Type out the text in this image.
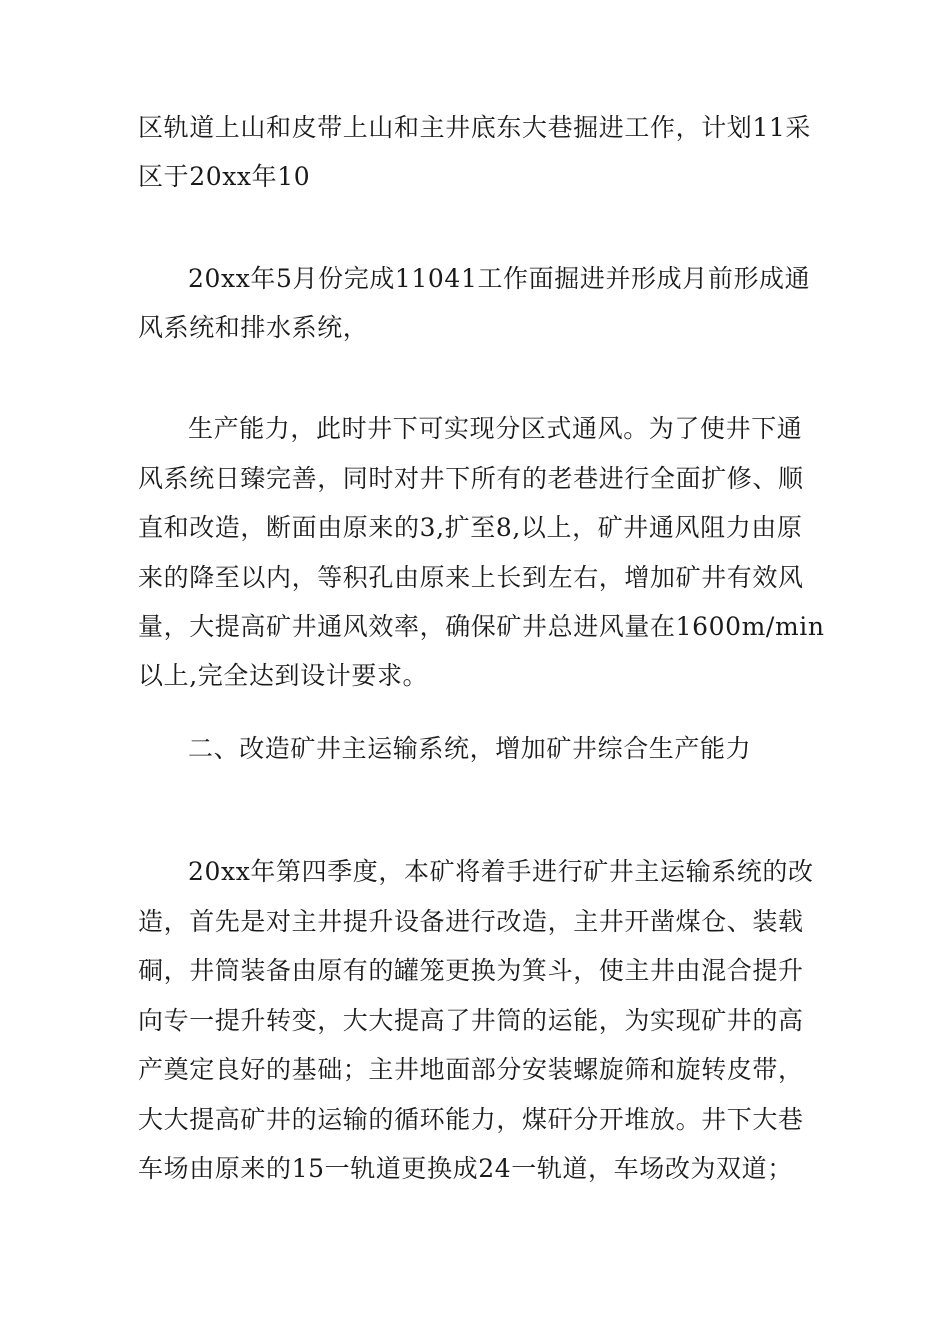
区轨道上山和皮带上山和主井底东大巷掘进工作，计划11采
区于20xx年10
20xx年5月份完成11041工作面掘进并形成月前形成通
风系统和排水系统，
生产能力，此时井下可实现分区式通风。为了使井下通
风系统日臻完善，同时对井下所有的老巷进行全面扩修、顺
直和改造，断面由原来的3,扩至8,以上，矿井通风阻力由原
来的降至以内，等积孔由原来上长到左右，增加矿井有效风
量，大提高矿井通风效率，确保矿井总进风量在1600m/min
以上,完全达到设计要求。
二、改造矿井主运输系统，增加矿井综合生产能力
20xx年第四季度，本矿将着手进行矿井主运输系统的改
造，首先是对主井提升设备进行改造，主井开凿煤仓、装载
硐，井筒装备由原有的罐笼更换为箕斗，使主井由混合提升
向专一提升转变，大大提高了井筒的运能，为实现矿井的高
产奠定良好的基础；主井地面部分安装螺旋筛和旋转皮带，
大大提高矿井的运输的循环能力，煤矸分开堆放。井下大巷
车场由原来的15一轨道更换成24一轨道，车场改为双道；
